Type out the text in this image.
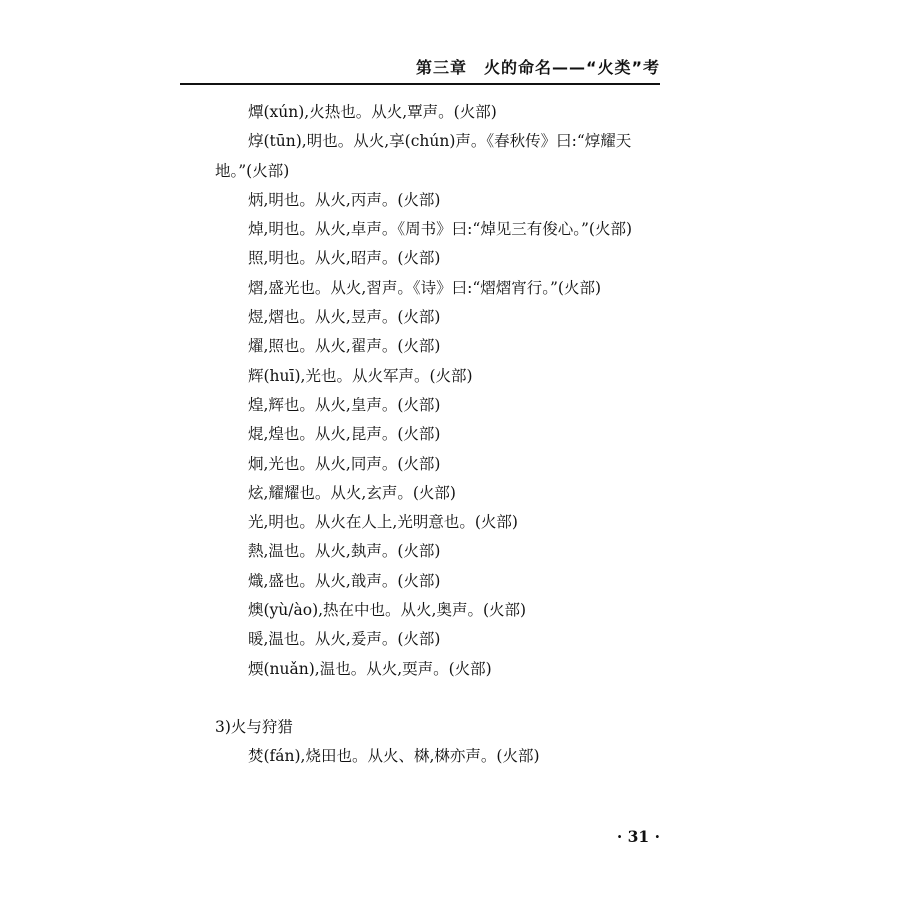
第三章　火的命名——“火类”考

燂(xún),火热也。从火,覃声。(火部)

焞(tūn),明也。从火,享(chún)声。《春秋传》曰:“焞耀天地。”(火部)

炳,明也。从火,丙声。(火部)

焯,明也。从火,卓声。《周书》曰:“焯见三有俊心。”(火部)

照,明也。从火,昭声。(火部)

熠,盛光也。从火,習声。《诗》曰:“熠熠宵行。”(火部)

煜,熠也。从火,昱声。(火部)

燿,照也。从火,翟声。(火部)

辉(huī),光也。从火军声。(火部)

煌,辉也。从火,皇声。(火部)

焜,煌也。从火,昆声。(火部)

炯,光也。从火,同声。(火部)

炫,耀耀也。从火,玄声。(火部)

光,明也。从火在人上,光明意也。(火部)

熱,温也。从火,埶声。(火部)

熾,盛也。从火,戠声。(火部)

燠(yù/ào),热在中也。从火,奥声。(火部)

暖,温也。从火,爰声。(火部)

煗(nuǎn),温也。从火,耎声。(火部)

3)火与狩猎

焚(fán),烧田也。从火、棥,棥亦声。(火部)

· 31 ·
